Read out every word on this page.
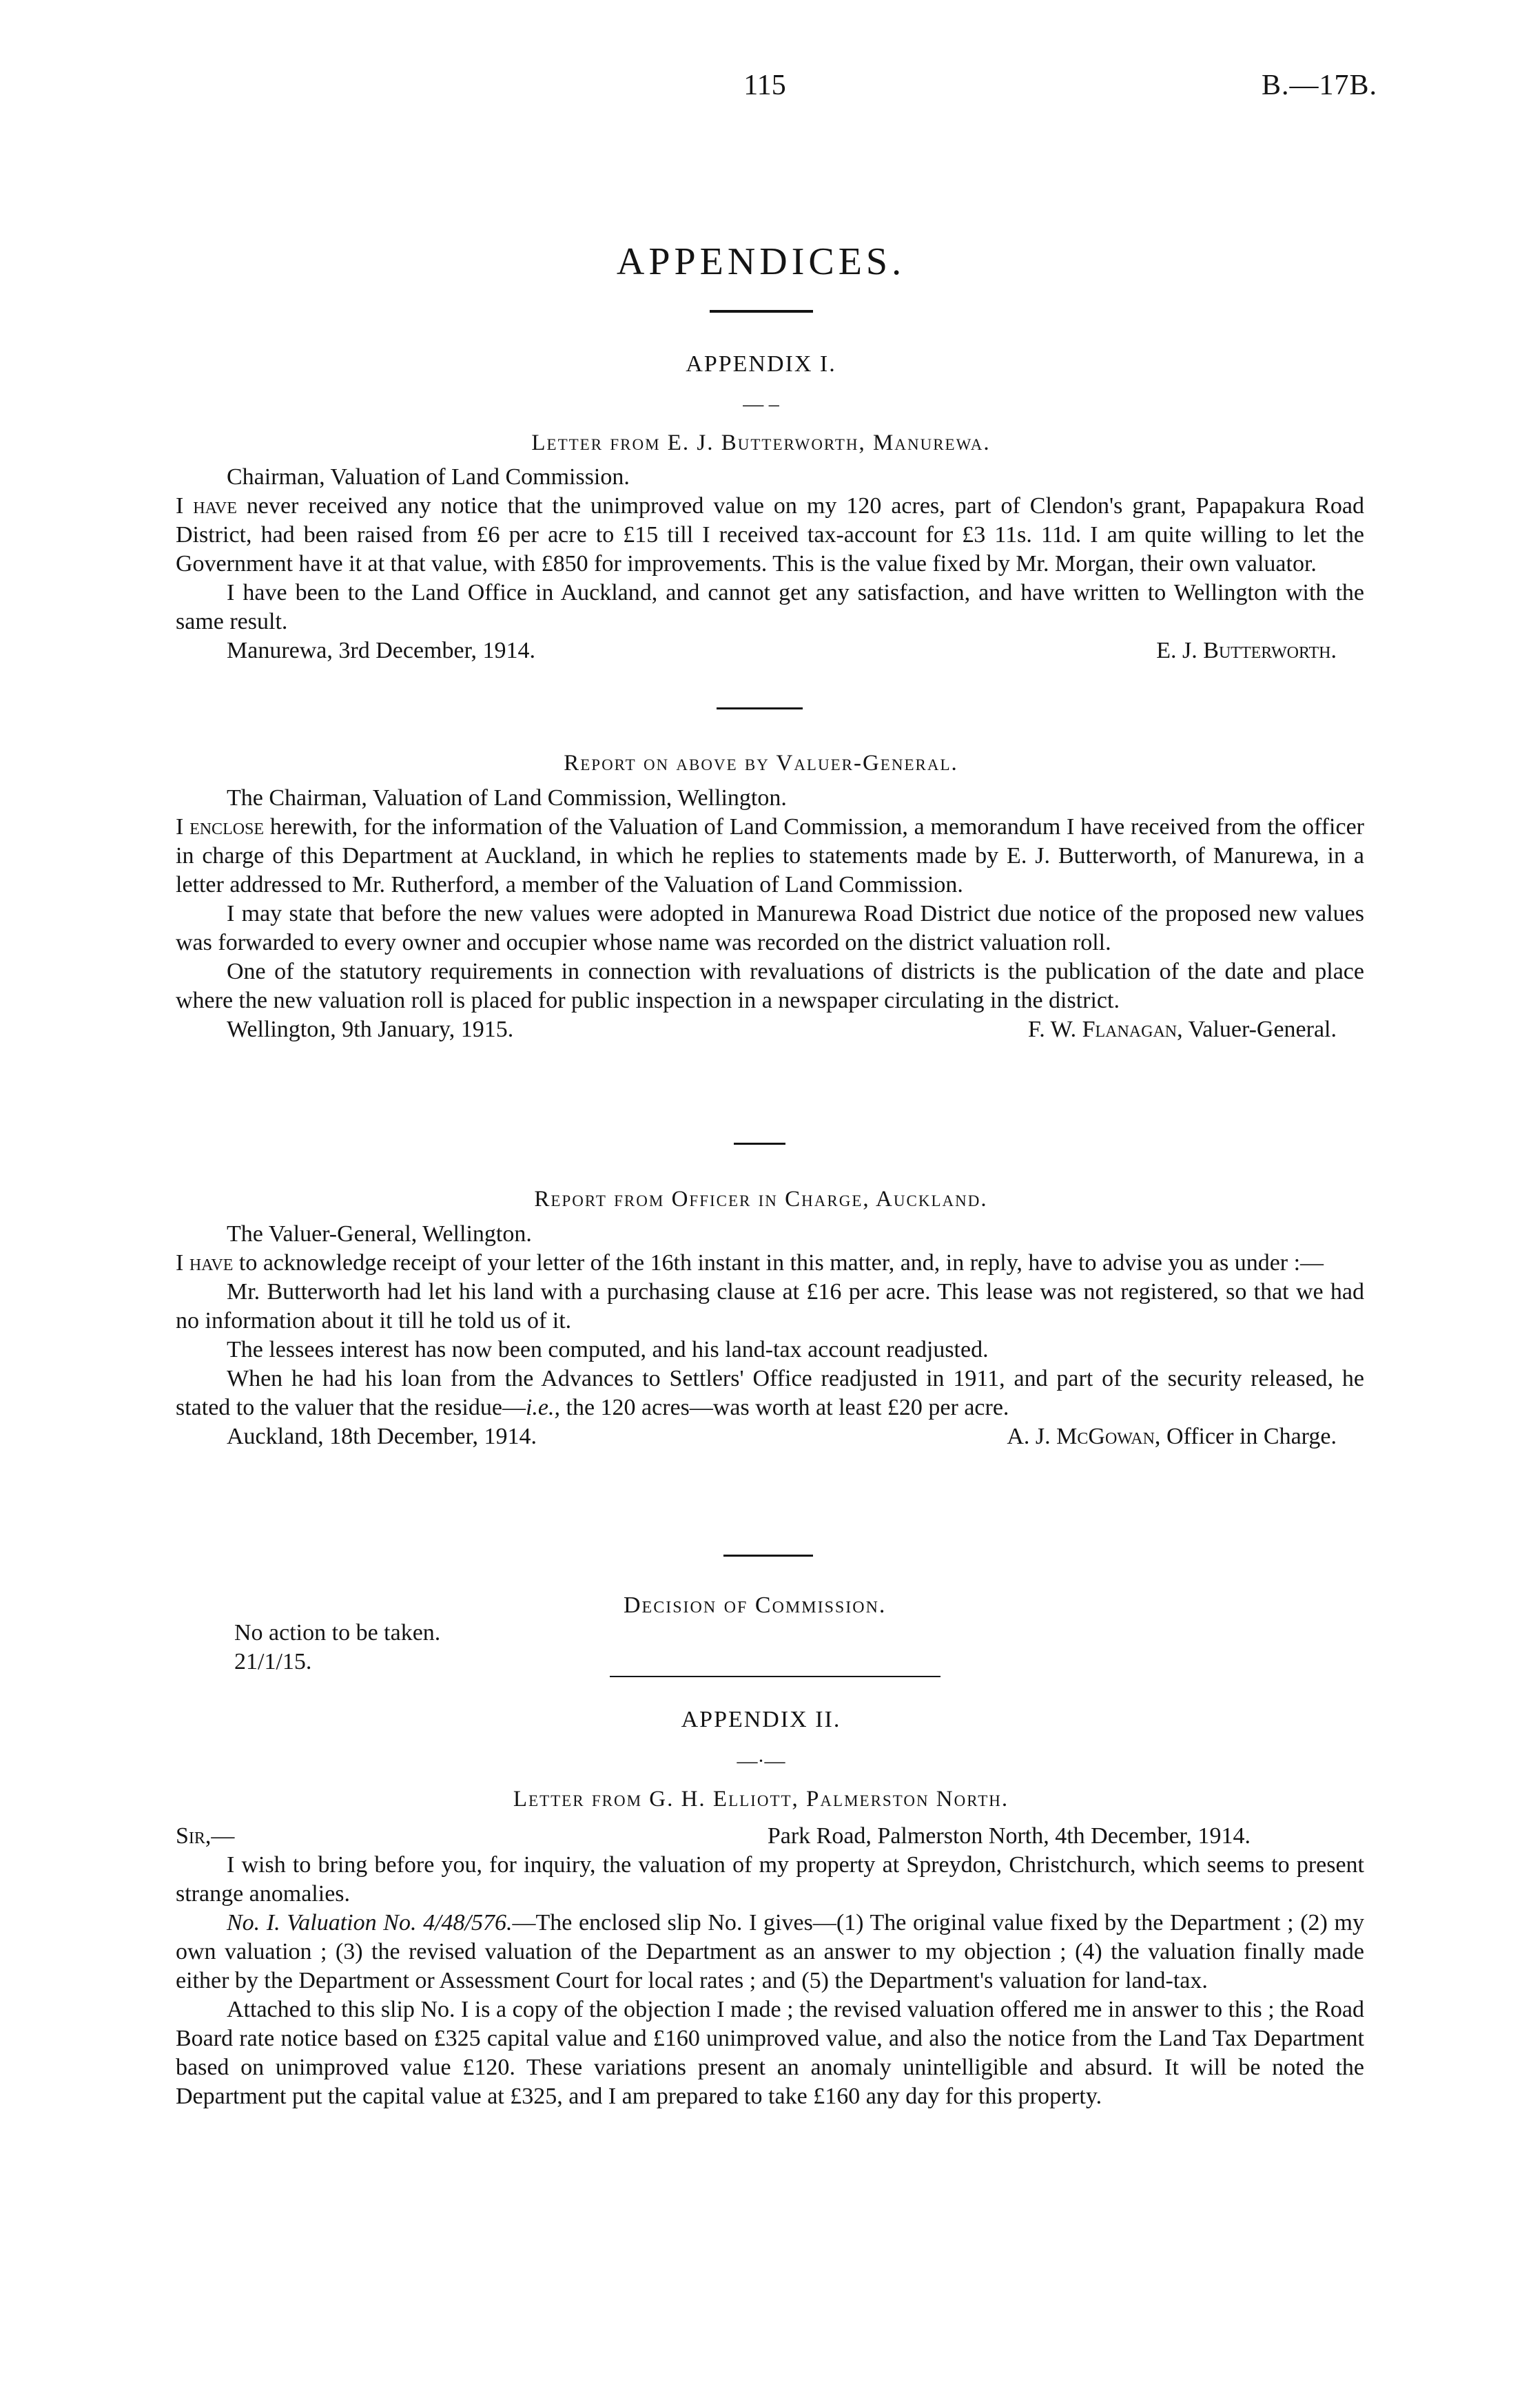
115	B.—17B.
APPENDICES.
APPENDIX I.
— –
Letter from E. J. Butterworth, Manurewa.

Chairman, Valuation of Land Commission.

I have never received any notice that the unimproved value on my 120 acres, part of Clendon's grant, Papapakura Road District, had been raised from £6 per acre to £15 till I received tax-account for £3 11s. 11d. I am quite willing to let the Government have it at that value, with £850 for improvements. This is the value fixed by Mr. Morgan, their own valuator.

I have been to the Land Office in Auckland, and cannot get any satisfaction, and have written to Wellington with the same result.

Manurewa, 3rd December, 1914.	E. J. Butterworth.
Report on above by Valuer-General.

The Chairman, Valuation of Land Commission, Wellington.

I enclose herewith, for the information of the Valuation of Land Commission, a memorandum I have received from the officer in charge of this Department at Auckland, in which he replies to statements made by E. J. Butterworth, of Manurewa, in a letter addressed to Mr. Rutherford, a member of the Valuation of Land Commission.

I may state that before the new values were adopted in Manurewa Road District due notice of the proposed new values was forwarded to every owner and occupier whose name was recorded on the district valuation roll.

One of the statutory requirements in connection with revaluations of districts is the publication of the date and place where the new valuation roll is placed for public inspection in a newspaper circulating in the district.

Wellington, 9th January, 1915.	F. W. Flanagan, Valuer-General.
Report from Officer in Charge, Auckland.

The Valuer-General, Wellington.

I have to acknowledge receipt of your letter of the 16th instant in this matter, and, in reply, have to advise you as under :—

Mr. Butterworth had let his land with a purchasing clause at £16 per acre. This lease was not registered, so that we had no information about it till he told us of it.

The lessees interest has now been computed, and his land-tax account readjusted.

When he had his loan from the Advances to Settlers' Office readjusted in 1911, and part of the security released, he stated to the valuer that the residue—i.e., the 120 acres—was worth at least £20 per acre.

Auckland, 18th December, 1914.	A. J. McGowan, Officer in Charge.
Decision of Commission.
No action to be taken.
21/1/15.
APPENDIX II.
—·—
Letter from G. H. Elliott, Palmerston North.
Sir,—	Park Road, Palmerston North, 4th December, 1914.

I wish to bring before you, for inquiry, the valuation of my property at Spreydon, Christchurch, which seems to present strange anomalies.

No. I. Valuation No. 4/48/576.—The enclosed slip No. I gives—(1) The original value fixed by the Department ; (2) my own valuation ; (3) the revised valuation of the Department as an answer to my objection ; (4) the valuation finally made either by the Department or Assessment Court for local rates ; and (5) the Department's valuation for land-tax.

Attached to this slip No. I is a copy of the objection I made ; the revised valuation offered me in answer to this ; the Road Board rate notice based on £325 capital value and £160 unimproved value, and also the notice from the Land Tax Department based on unimproved value £120. These variations present an anomaly unintelligible and absurd. It will be noted the Department put the capital value at £325, and I am prepared to take £160 any day for this property.
